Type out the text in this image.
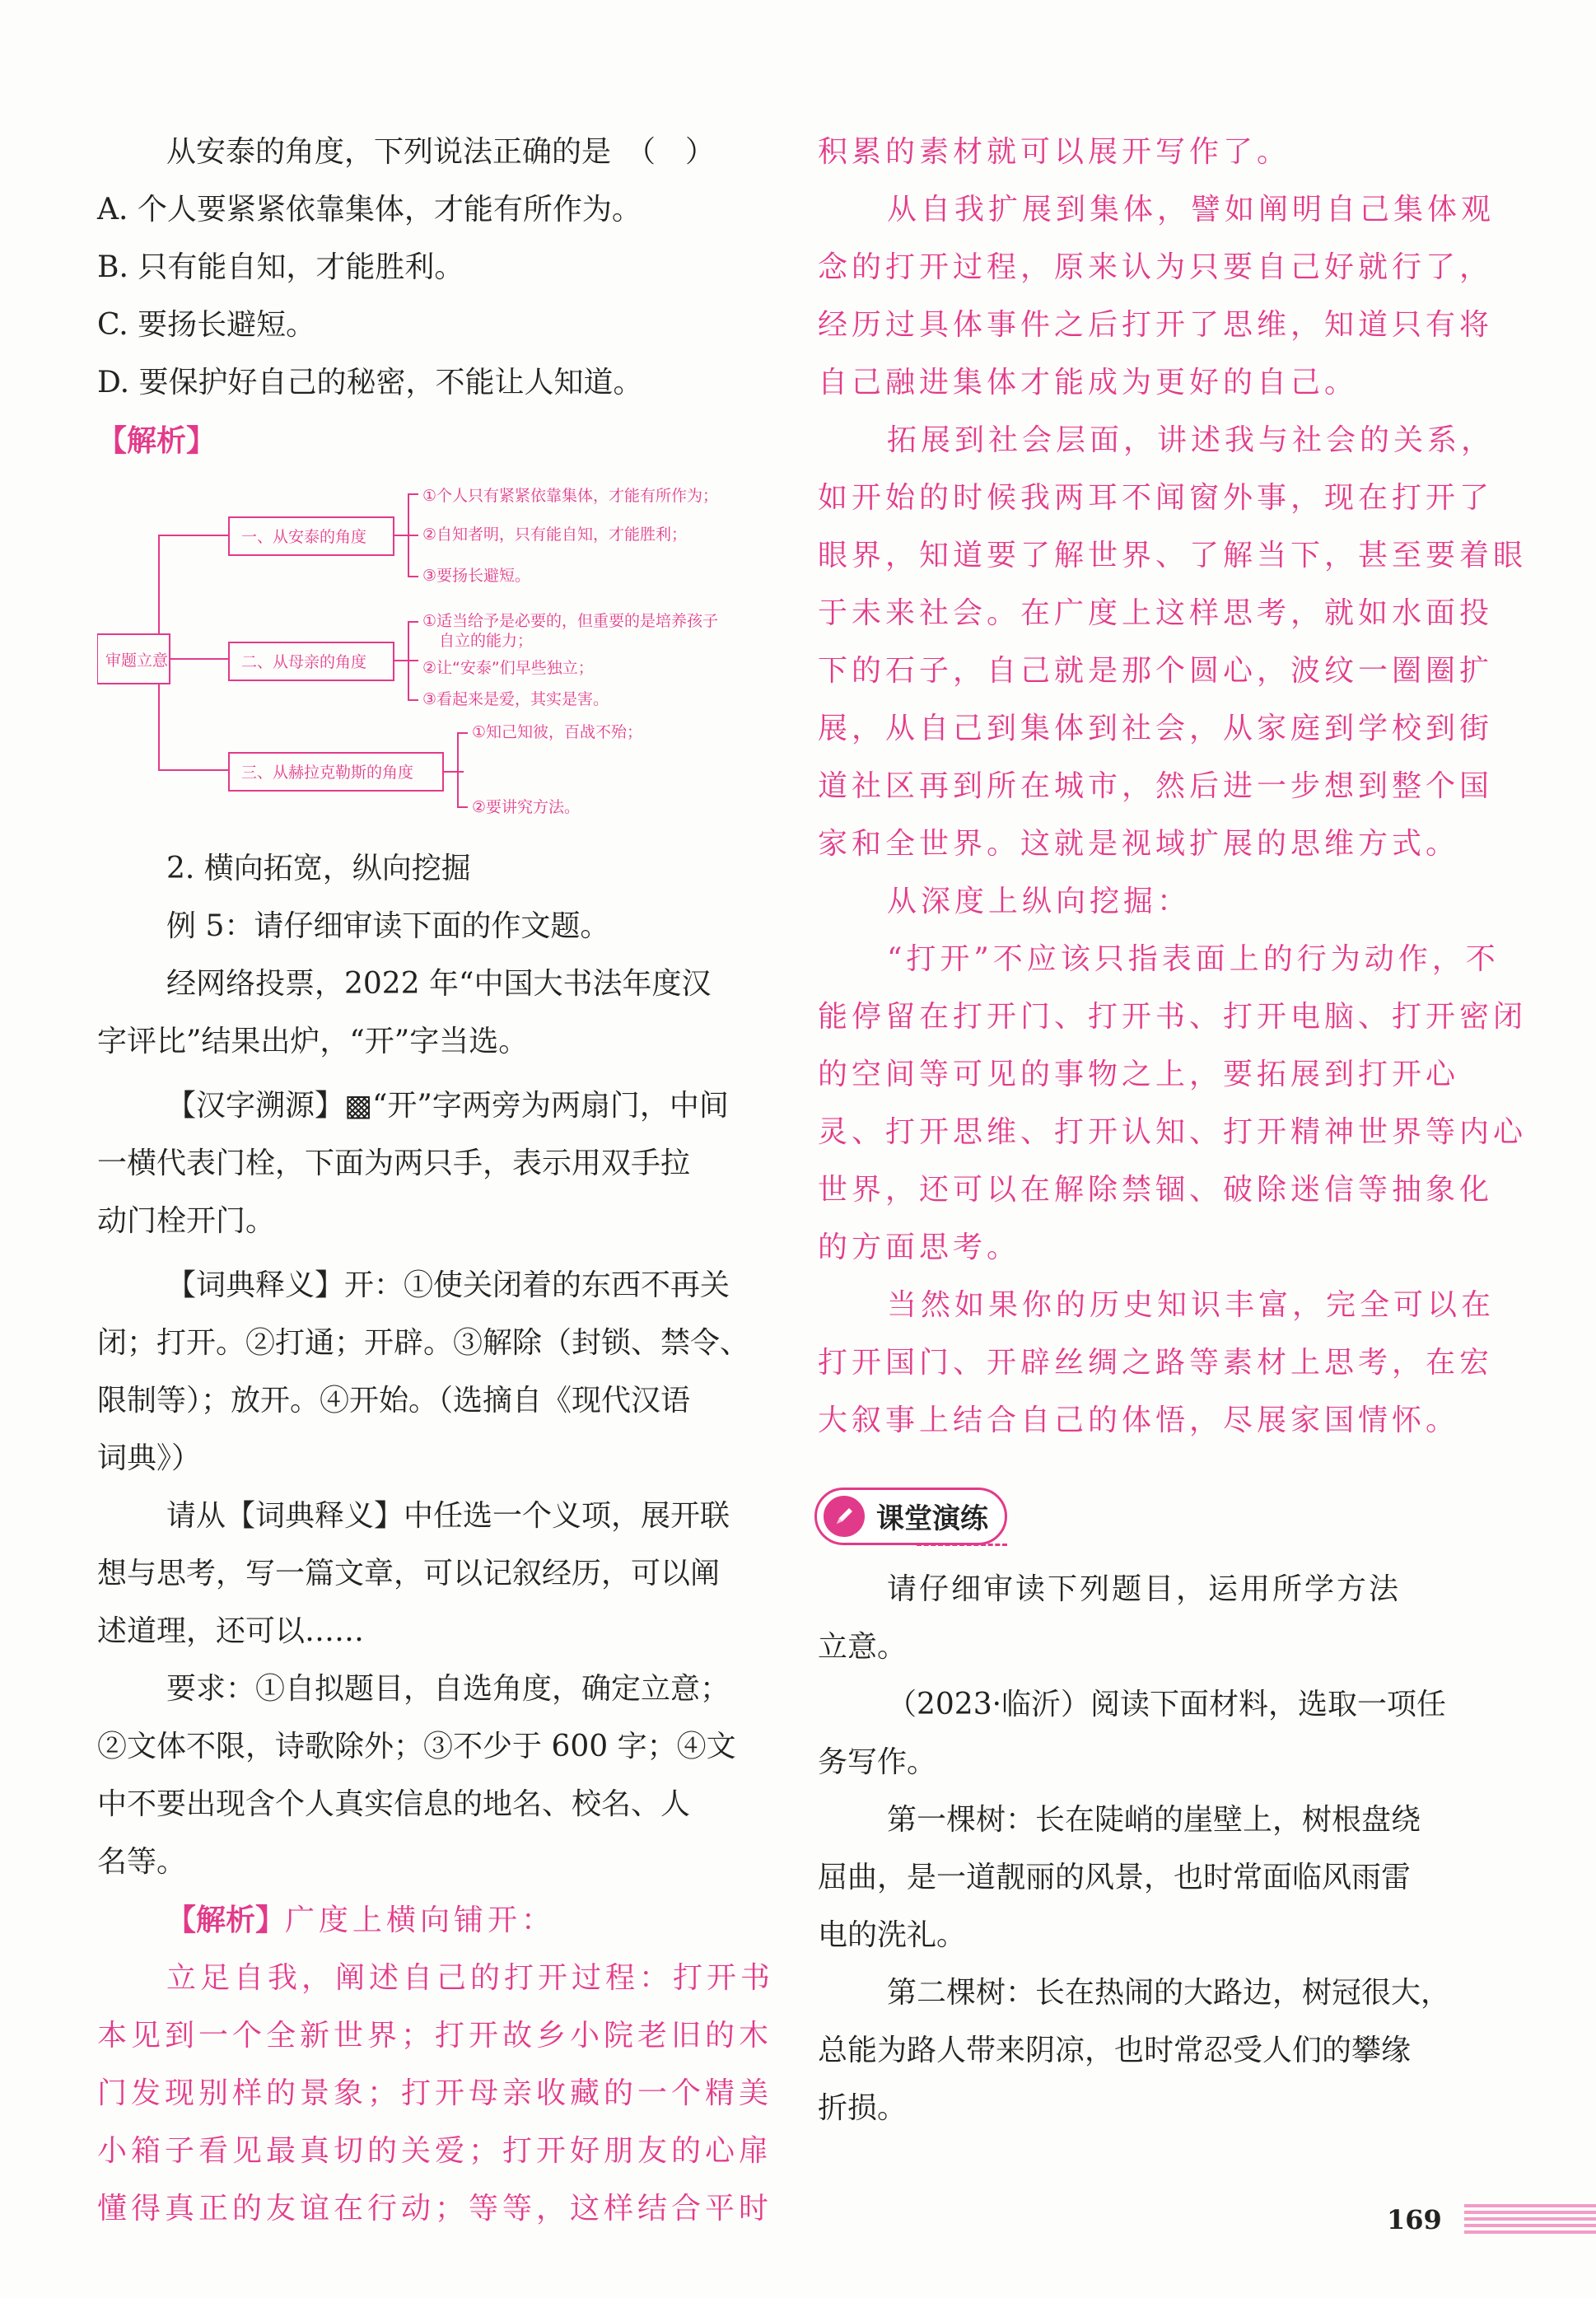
从安泰的角度，下列说法正确的是　（　）

A. 个人要紧紧依靠集体，才能有所作为。

B. 只有能自知，才能胜利。

C. 要扬长避短。

D. 要保护好自己的秘密，不能让人知道。

【解析】

审题立意
一、从安泰的角度
二、从母亲的角度
三、从赫拉克勒斯的角度
①个人只有紧紧依靠集体，才能有所作为；
②自知者明，只有能自知，才能胜利；
③要扬长避短。
①适当给予是必要的，但重要的是培养孩子
自立的能力；
②让“安泰”们早些独立；
③看起来是爱，其实是害。
①知己知彼，百战不殆；
②要讲究方法。

2. 横向拓宽，纵向挖掘

例 5：请仔细审读下面的作文题。

经网络投票，2022 年“中国大书法年度汉

字评比”结果出炉，“开”字当选。

【汉字溯源】▩“开”字两旁为两扇门，中间

一横代表门栓，下面为两只手，表示用双手拉

动门栓开门。

【词典释义】开：①使关闭着的东西不再关

闭；打开。②打通；开辟。③解除（封锁、禁令、

限制等）；放开。④开始。（选摘自《现代汉语

词典》）

请从【词典释义】中任选一个义项，展开联

想与思考，写一篇文章，可以记叙经历，可以阐

述道理，还可以……

要求：①自拟题目，自选角度，确定立意；

②文体不限，诗歌除外；③不少于 600 字；④文

中不要出现含个人真实信息的地名、校名、人

名等。

【解析】广度上横向铺开：

立足自我，阐述自己的打开过程：打开书

本见到一个全新世界；打开故乡小院老旧的木

门发现别样的景象；打开母亲收藏的一个精美

小箱子看见最真切的关爱；打开好朋友的心扉

懂得真正的友谊在行动；等等，这样结合平时

积累的素材就可以展开写作了。

从自我扩展到集体，譬如阐明自己集体观

念的打开过程，原来认为只要自己好就行了，

经历过具体事件之后打开了思维，知道只有将

自己融进集体才能成为更好的自己。

拓展到社会层面，讲述我与社会的关系，

如开始的时候我两耳不闻窗外事，现在打开了

眼界，知道要了解世界、了解当下，甚至要着眼

于未来社会。在广度上这样思考，就如水面投

下的石子，自己就是那个圆心，波纹一圈圈扩

展，从自己到集体到社会，从家庭到学校到街

道社区再到所在城市，然后进一步想到整个国

家和全世界。这就是视域扩展的思维方式。

从深度上纵向挖掘：

“打开”不应该只指表面上的行为动作，不

能停留在打开门、打开书、打开电脑、打开密闭

的空间等可见的事物之上，要拓展到打开心

灵、打开思维、打开认知、打开精神世界等内心

世界，还可以在解除禁锢、破除迷信等抽象化

的方面思考。

当然如果你的历史知识丰富，完全可以在

打开国门、开辟丝绸之路等素材上思考，在宏

大叙事上结合自己的体悟，尽展家国情怀。

课堂演练

请仔细审读下列题目，运用所学方法

立意。

（2023·临沂）阅读下面材料，选取一项任

务写作。

第一棵树：长在陡峭的崖壁上，树根盘绕

屈曲，是一道靓丽的风景，也时常面临风雨雷

电的洗礼。

第二棵树：长在热闹的大路边，树冠很大，

总能为路人带来阴凉，也时常忍受人们的攀缘

折损。

169
